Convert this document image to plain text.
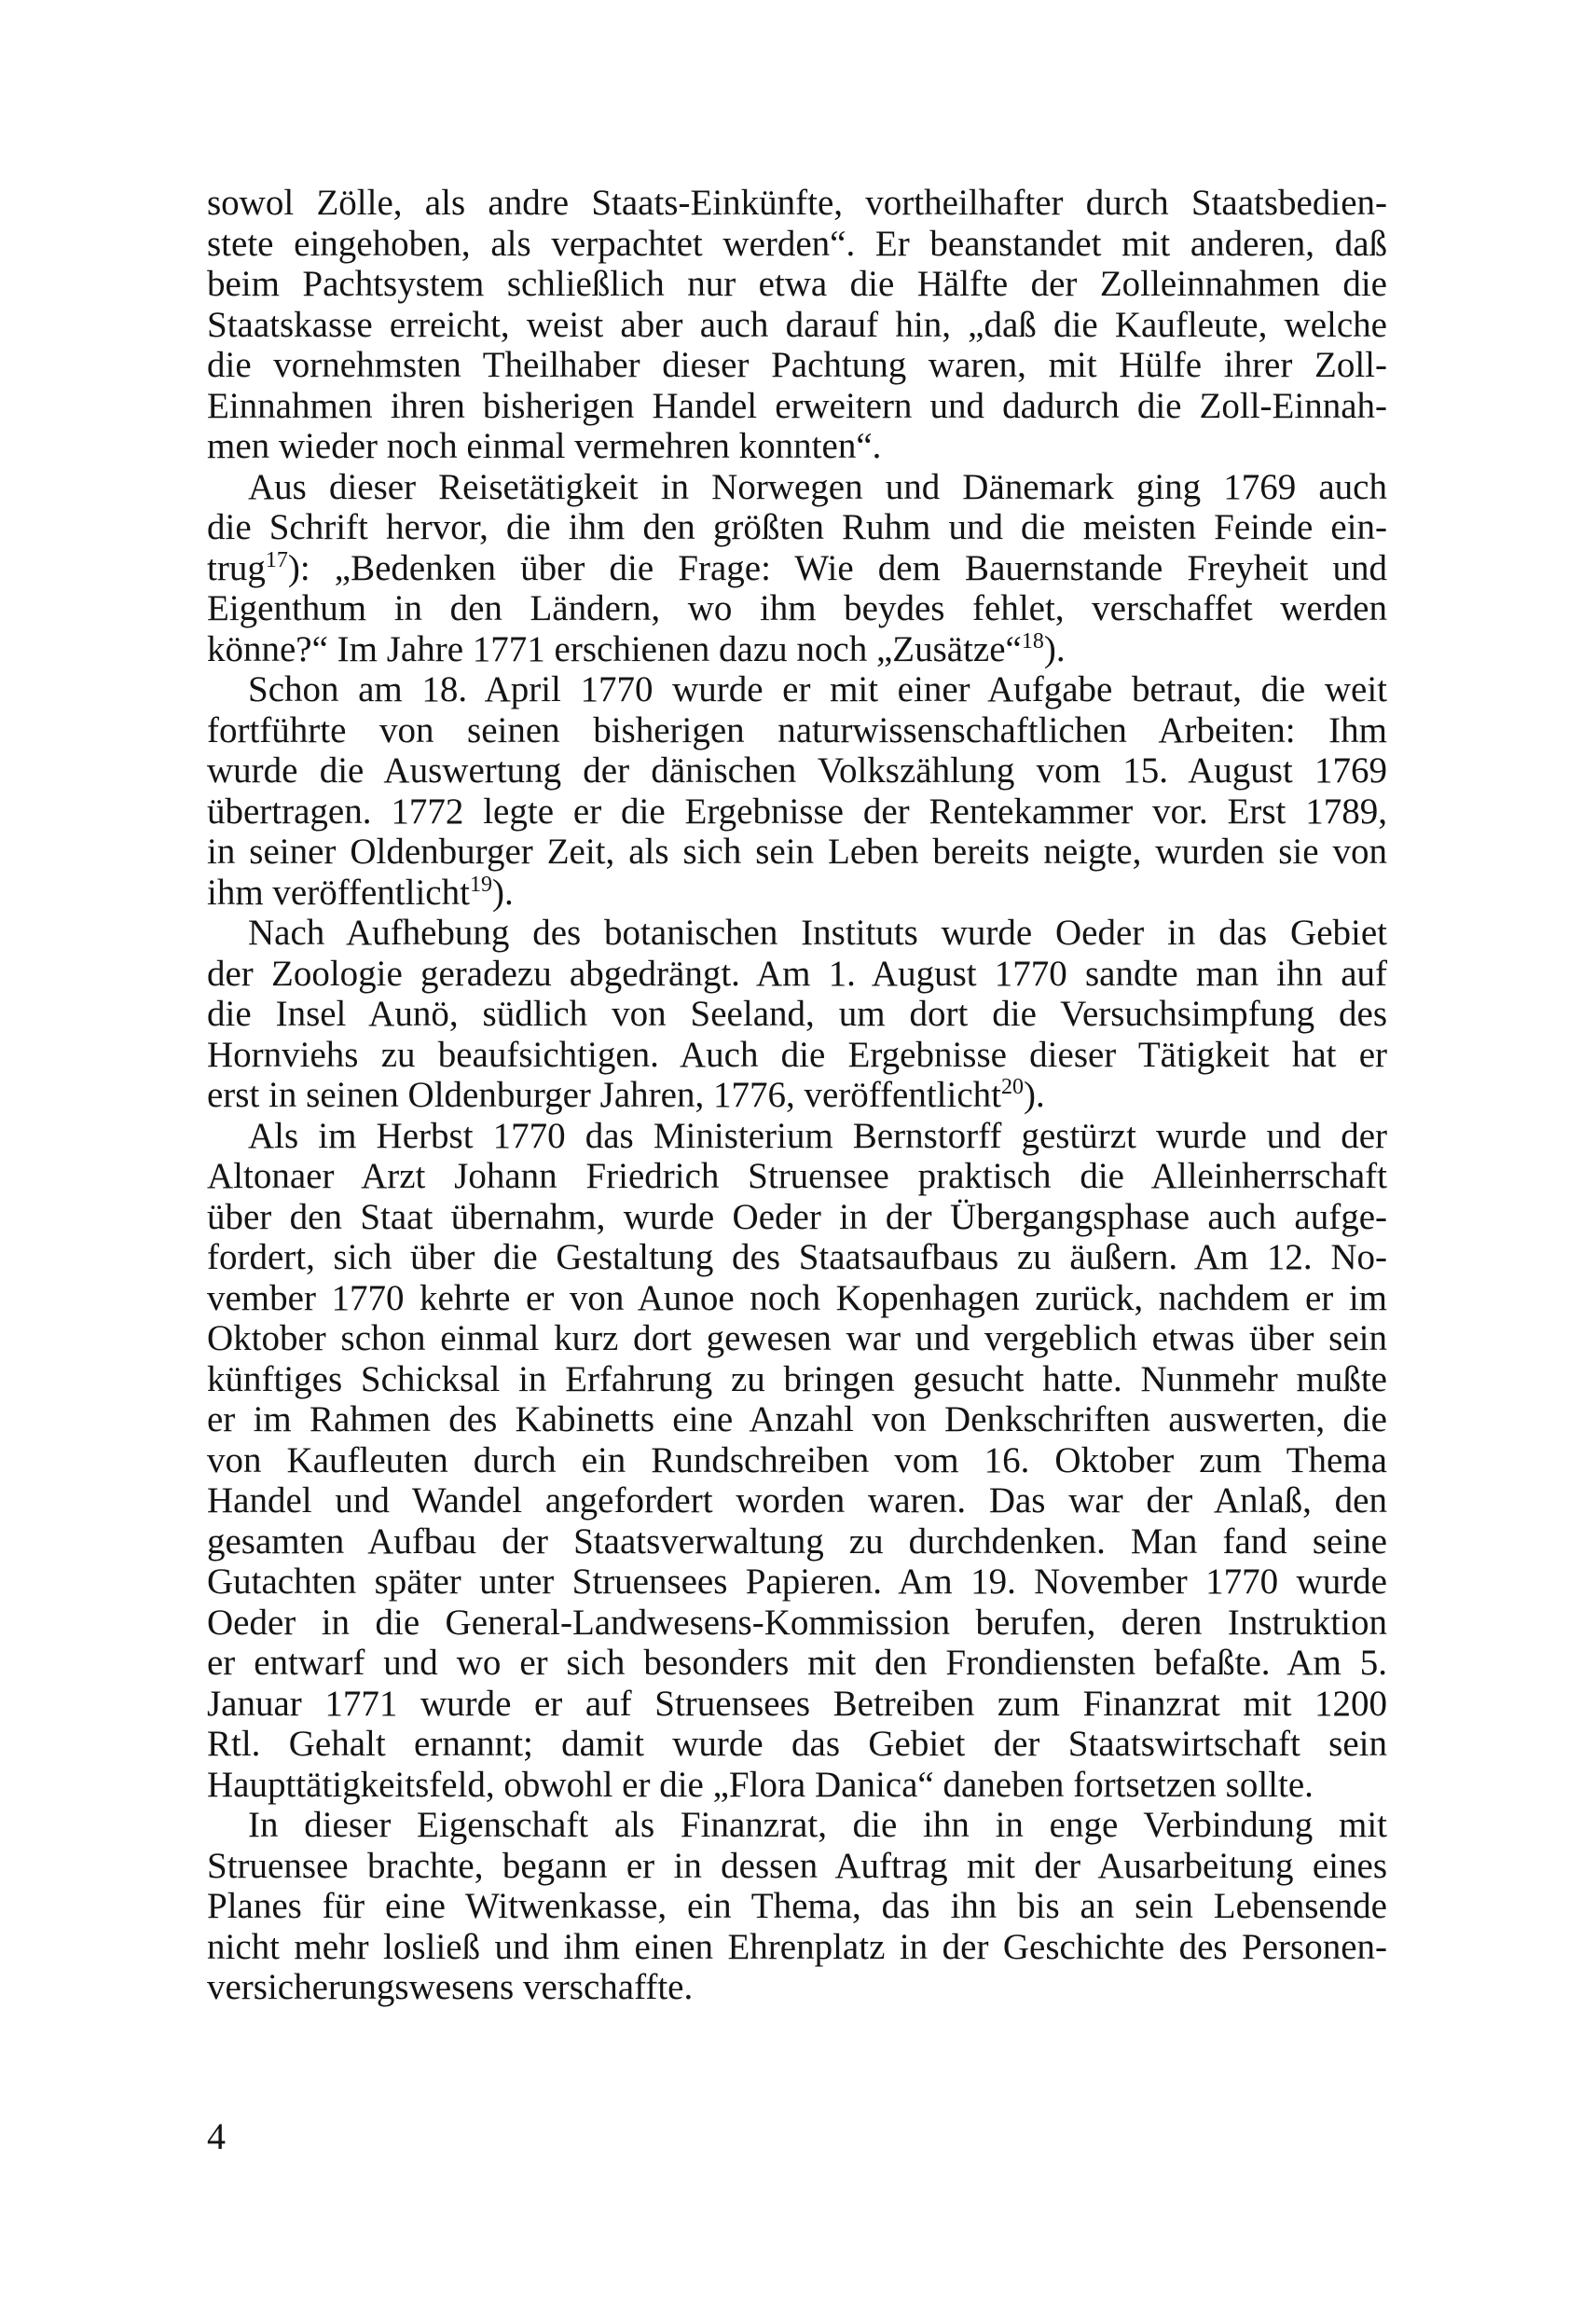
sowol Zölle, als andre Staats-Einkünfte, vortheilhafter durch Staatsbedien-
stete eingehoben, als verpachtet werden“. Er beanstandet mit anderen, daß
beim Pachtsystem schließlich nur etwa die Hälfte der Zolleinnahmen die
Staatskasse erreicht, weist aber auch darauf hin, „daß die Kaufleute, welche
die vornehmsten Theilhaber dieser Pachtung waren, mit Hülfe ihrer Zoll-
Einnahmen ihren bisherigen Handel erweitern und dadurch die Zoll-Einnah-
men wieder noch einmal vermehren konnten“.
Aus dieser Reisetätigkeit in Norwegen und Dänemark ging 1769 auch
die Schrift hervor, die ihm den größten Ruhm und die meisten Feinde ein-
trug$^{17}$): „Bedenken über die Frage: Wie dem Bauernstande Freyheit und
Eigenthum in den Ländern, wo ihm beydes fehlet, verschaffet werden
könne?“ Im Jahre 1771 erschienen dazu noch „Zusätze“$^{18}$).
Schon am 18. April 1770 wurde er mit einer Aufgabe betraut, die weit
fortführte von seinen bisherigen naturwissenschaftlichen Arbeiten: Ihm
wurde die Auswertung der dänischen Volkszählung vom 15. August 1769
übertragen. 1772 legte er die Ergebnisse der Rentekammer vor. Erst 1789,
in seiner Oldenburger Zeit, als sich sein Leben bereits neigte, wurden sie von
ihm veröffentlicht$^{19}$).
Nach Aufhebung des botanischen Instituts wurde Oeder in das Gebiet
der Zoologie geradezu abgedrängt. Am 1. August 1770 sandte man ihn auf
die Insel Aunö, südlich von Seeland, um dort die Versuchsimpfung des
Hornviehs zu beaufsichtigen. Auch die Ergebnisse dieser Tätigkeit hat er
erst in seinen Oldenburger Jahren, 1776, veröffentlicht$^{20}$).
Als im Herbst 1770 das Ministerium Bernstorff gestürzt wurde und der
Altonaer Arzt Johann Friedrich Struensee praktisch die Alleinherrschaft
über den Staat übernahm, wurde Oeder in der Übergangsphase auch aufge-
fordert, sich über die Gestaltung des Staatsaufbaus zu äußern. Am 12. No-
vember 1770 kehrte er von Aunoe noch Kopenhagen zurück, nachdem er im
Oktober schon einmal kurz dort gewesen war und vergeblich etwas über sein
künftiges Schicksal in Erfahrung zu bringen gesucht hatte. Nunmehr mußte
er im Rahmen des Kabinetts eine Anzahl von Denkschriften auswerten, die
von Kaufleuten durch ein Rundschreiben vom 16. Oktober zum Thema
Handel und Wandel angefordert worden waren. Das war der Anlaß, den
gesamten Aufbau der Staatsverwaltung zu durchdenken. Man fand seine
Gutachten später unter Struensees Papieren. Am 19. November 1770 wurde
Oeder in die General-Landwesens-Kommission berufen, deren Instruktion
er entwarf und wo er sich besonders mit den Frondiensten befaßte. Am 5.
Januar 1771 wurde er auf Struensees Betreiben zum Finanzrat mit 1200
Rtl. Gehalt ernannt; damit wurde das Gebiet der Staatswirtschaft sein
Haupttätigkeitsfeld, obwohl er die „Flora Danica“ daneben fortsetzen sollte.
In dieser Eigenschaft als Finanzrat, die ihn in enge Verbindung mit
Struensee brachte, begann er in dessen Auftrag mit der Ausarbeitung eines
Planes für eine Witwenkasse, ein Thema, das ihn bis an sein Lebensende
nicht mehr losließ und ihm einen Ehrenplatz in der Geschichte des Personen-
versicherungswesens verschaffte.
4
